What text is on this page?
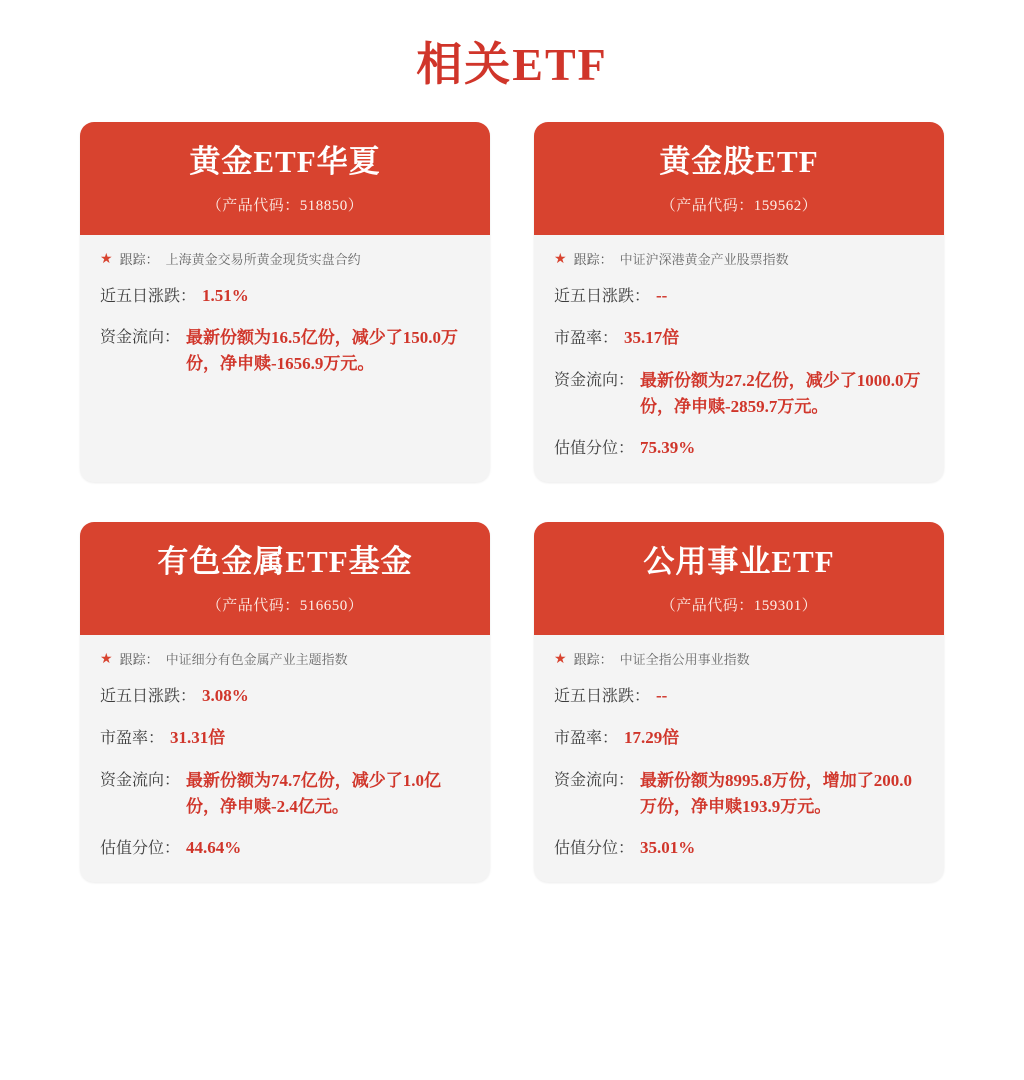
相关ETF
黄金ETF华夏
（产品代码：518850）
★ 跟踪： 上海黄金交易所黄金现货实盘合约
近五日涨跌： 1.51%
资金流向： 最新份额为16.5亿份，减少了150.0万份，净申赎-1656.9万元。
黄金股ETF
（产品代码：159562）
★ 跟踪： 中证沪深港黄金产业股票指数
近五日涨跌： --
市盈率： 35.17倍
资金流向： 最新份额为27.2亿份，减少了1000.0万份，净申赎-2859.7万元。
估值分位： 75.39%
有色金属ETF基金
（产品代码：516650）
★ 跟踪： 中证细分有色金属产业主题指数
近五日涨跌： 3.08%
市盈率： 31.31倍
资金流向： 最新份额为74.7亿份，减少了1.0亿份，净申赎-2.4亿元。
估值分位： 44.64%
公用事业ETF
（产品代码：159301）
★ 跟踪： 中证全指公用事业指数
近五日涨跌： --
市盈率： 17.29倍
资金流向： 最新份额为8995.8万份，增加了200.0万份，净申赎193.9万元。
估值分位： 35.01%
